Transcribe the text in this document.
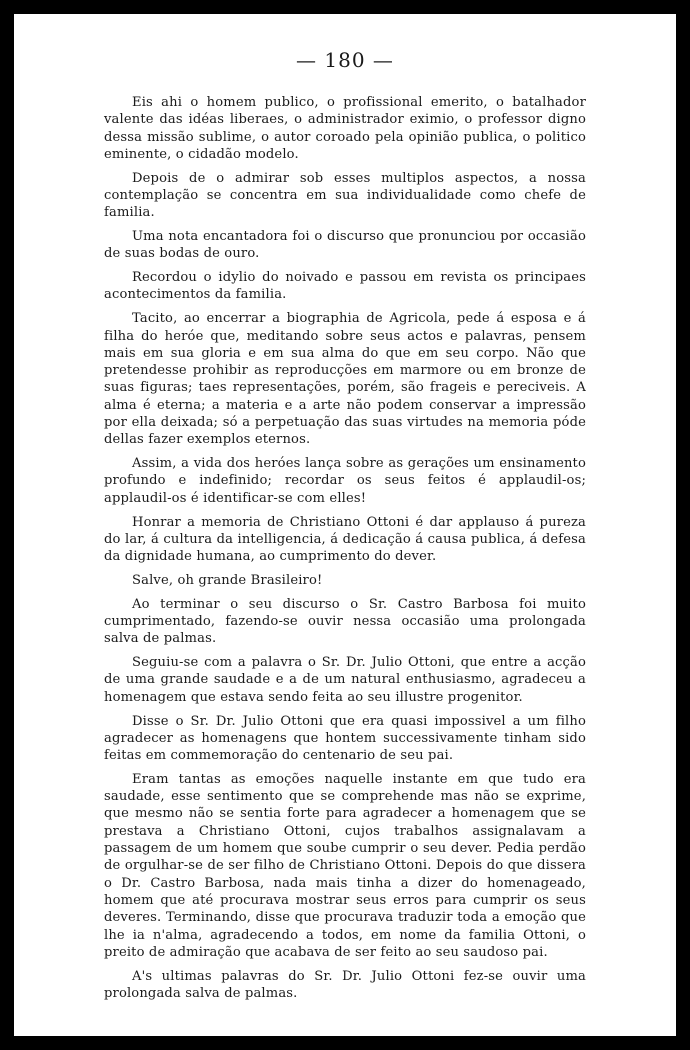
— 180 —

Eis ahi o homem publico, o profissional emerito, o batalhador valente das idéas liberaes, o administrador eximio, o professor digno dessa missão sublime, o autor coroado pela opinião publica, o politico eminente, o cidadão modelo.

Depois de o admirar sob esses multiplos aspectos, a nossa contemplação se concentra em sua individualidade como chefe de familia.

Uma nota encantadora foi o discurso que pronunciou por occasião de suas bodas de ouro.

Recordou o idylio do noivado e passou em revista os principaes acontecimentos da familia.

Tacito, ao encerrar a biographia de Agricola, pede á esposa e á filha do heróe que, meditando sobre seus actos e palavras, pensem mais em sua gloria e em sua alma do que em seu corpo. Não que pretendesse prohibir as reproducções em marmore ou em bronze de suas figuras; taes representações, porém, são frageis e pereciveis. A alma é eterna; a materia e a arte não podem conservar a impressão por ella deixada; só a perpetuação das suas virtudes na memoria póde dellas fazer exemplos eternos.

Assim, a vida dos heróes lança sobre as gerações um ensinamento profundo e indefinido; recordar os seus feitos é applaudil-os; applaudil-os é identificar-se com elles!

Honrar a memoria de Christiano Ottoni é dar applauso á pureza do lar, á cultura da intelligencia, á dedicação á causa publica, á defesa da dignidade humana, ao cumprimento do dever.

Salve, oh grande Brasileiro!

Ao terminar o seu discurso o Sr. Castro Barbosa foi muito cumprimentado, fazendo-se ouvir nessa occasião uma prolongada salva de palmas.

Seguiu-se com a palavra o Sr. Dr. Julio Ottoni, que entre a acção de uma grande saudade e a de um natural enthusiasmo, agradeceu a homenagem que estava sendo feita ao seu illustre progenitor.

Disse o Sr. Dr. Julio Ottoni que era quasi impossivel a um filho agradecer as homenagens que hontem successivamente tinham sido feitas em commemoração do centenario de seu pai.

Eram tantas as emoções naquelle instante em que tudo era saudade, esse sentimento que se comprehende mas não se exprime, que mesmo não se sentia forte para agradecer a homenagem que se prestava a Christiano Ottoni, cujos trabalhos assignalavam a passagem de um homem que soube cumprir o seu dever. Pedia perdão de orgulhar-se de ser filho de Christiano Ottoni. Depois do que dissera o Dr. Castro Barbosa, nada mais tinha a dizer do homenageado, homem que até procurava mostrar seus erros para cumprir os seus deveres. Terminando, disse que procurava traduzir toda a emoção que lhe ia n'alma, agradecendo a todos, em nome da familia Ottoni, o preito de admiração que acabava de ser feito ao seu saudoso pai.

A's ultimas palavras do Sr. Dr. Julio Ottoni fez-se ouvir uma prolongada salva de palmas.
